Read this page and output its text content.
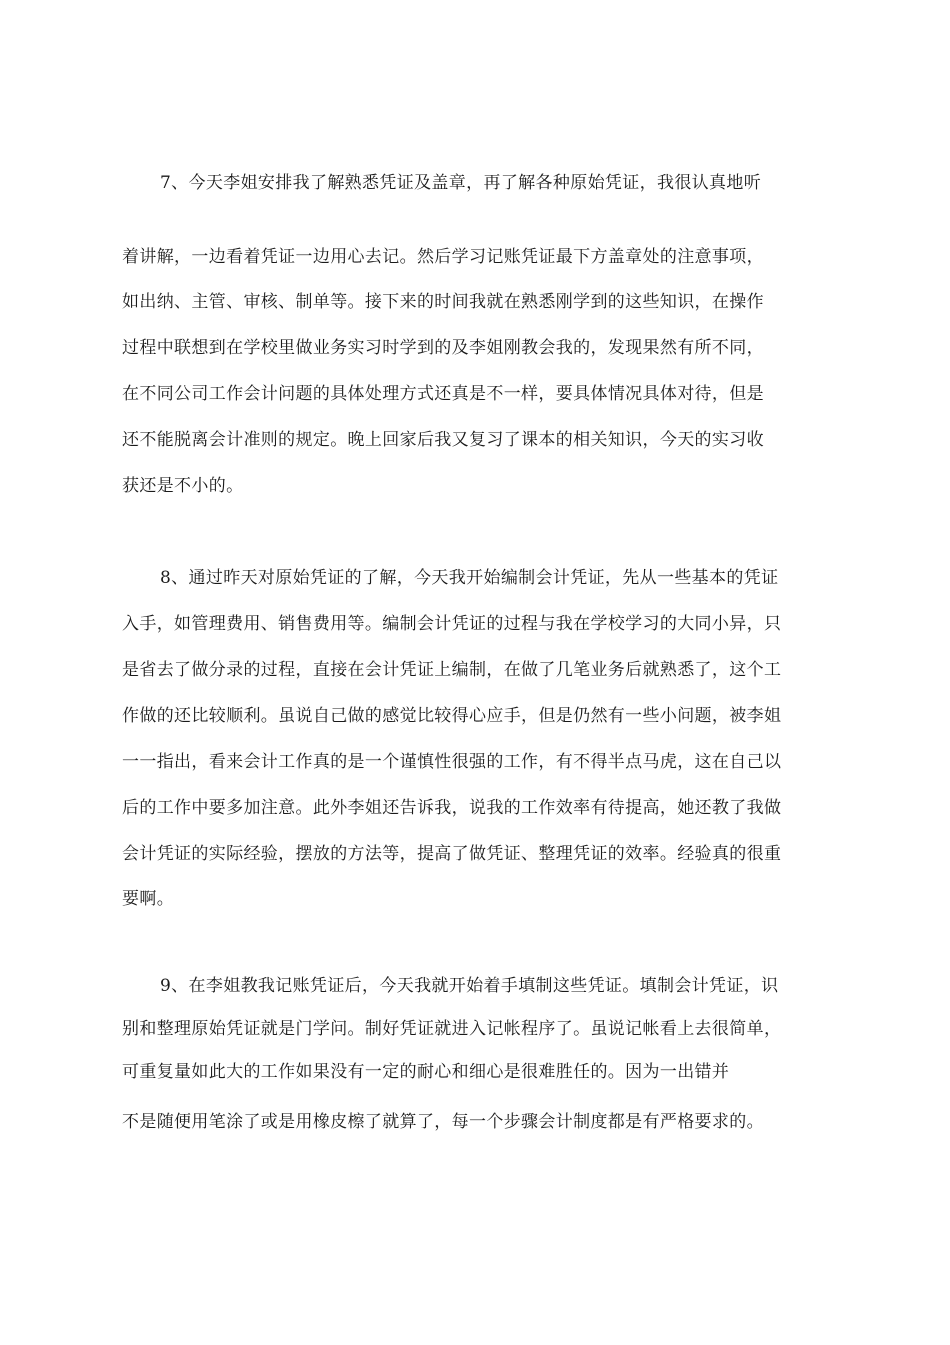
7、今天李姐安排我了解熟悉凭证及盖章，再了解各种原始凭证，我很认真地听
着讲解，一边看着凭证一边用心去记。然后学习记账凭证最下方盖章处的注意事项，
如出纳、主管、审核、制单等。接下来的时间我就在熟悉刚学到的这些知识，在操作
过程中联想到在学校里做业务实习时学到的及李姐刚教会我的，发现果然有所不同，
在不同公司工作会计问题的具体处理方式还真是不一样，要具体情况具体对待，但是
还不能脱离会计准则的规定。晚上回家后我又复习了课本的相关知识，今天的实习收
获还是不小的。
8、通过昨天对原始凭证的了解，今天我开始编制会计凭证，先从一些基本的凭证
入手，如管理费用、销售费用等。编制会计凭证的过程与我在学校学习的大同小异，只
是省去了做分录的过程，直接在会计凭证上编制，在做了几笔业务后就熟悉了，这个工
作做的还比较顺利。虽说自己做的感觉比较得心应手，但是仍然有一些小问题，被李姐
一一指出，看来会计工作真的是一个谨慎性很强的工作，有不得半点马虎，这在自己以
后的工作中要多加注意。此外李姐还告诉我，说我的工作效率有待提高，她还教了我做
会计凭证的实际经验，摆放的方法等，提高了做凭证、整理凭证的效率。经验真的很重
要啊。
9、在李姐教我记账凭证后，今天我就开始着手填制这些凭证。填制会计凭证，识
别和整理原始凭证就是门学问。制好凭证就进入记帐程序了。虽说记帐看上去很简单，
可重复量如此大的工作如果没有一定的耐心和细心是很难胜任的。因为一出错并
不是随便用笔涂了或是用橡皮檫了就算了，每一个步骤会计制度都是有严格要求的。
